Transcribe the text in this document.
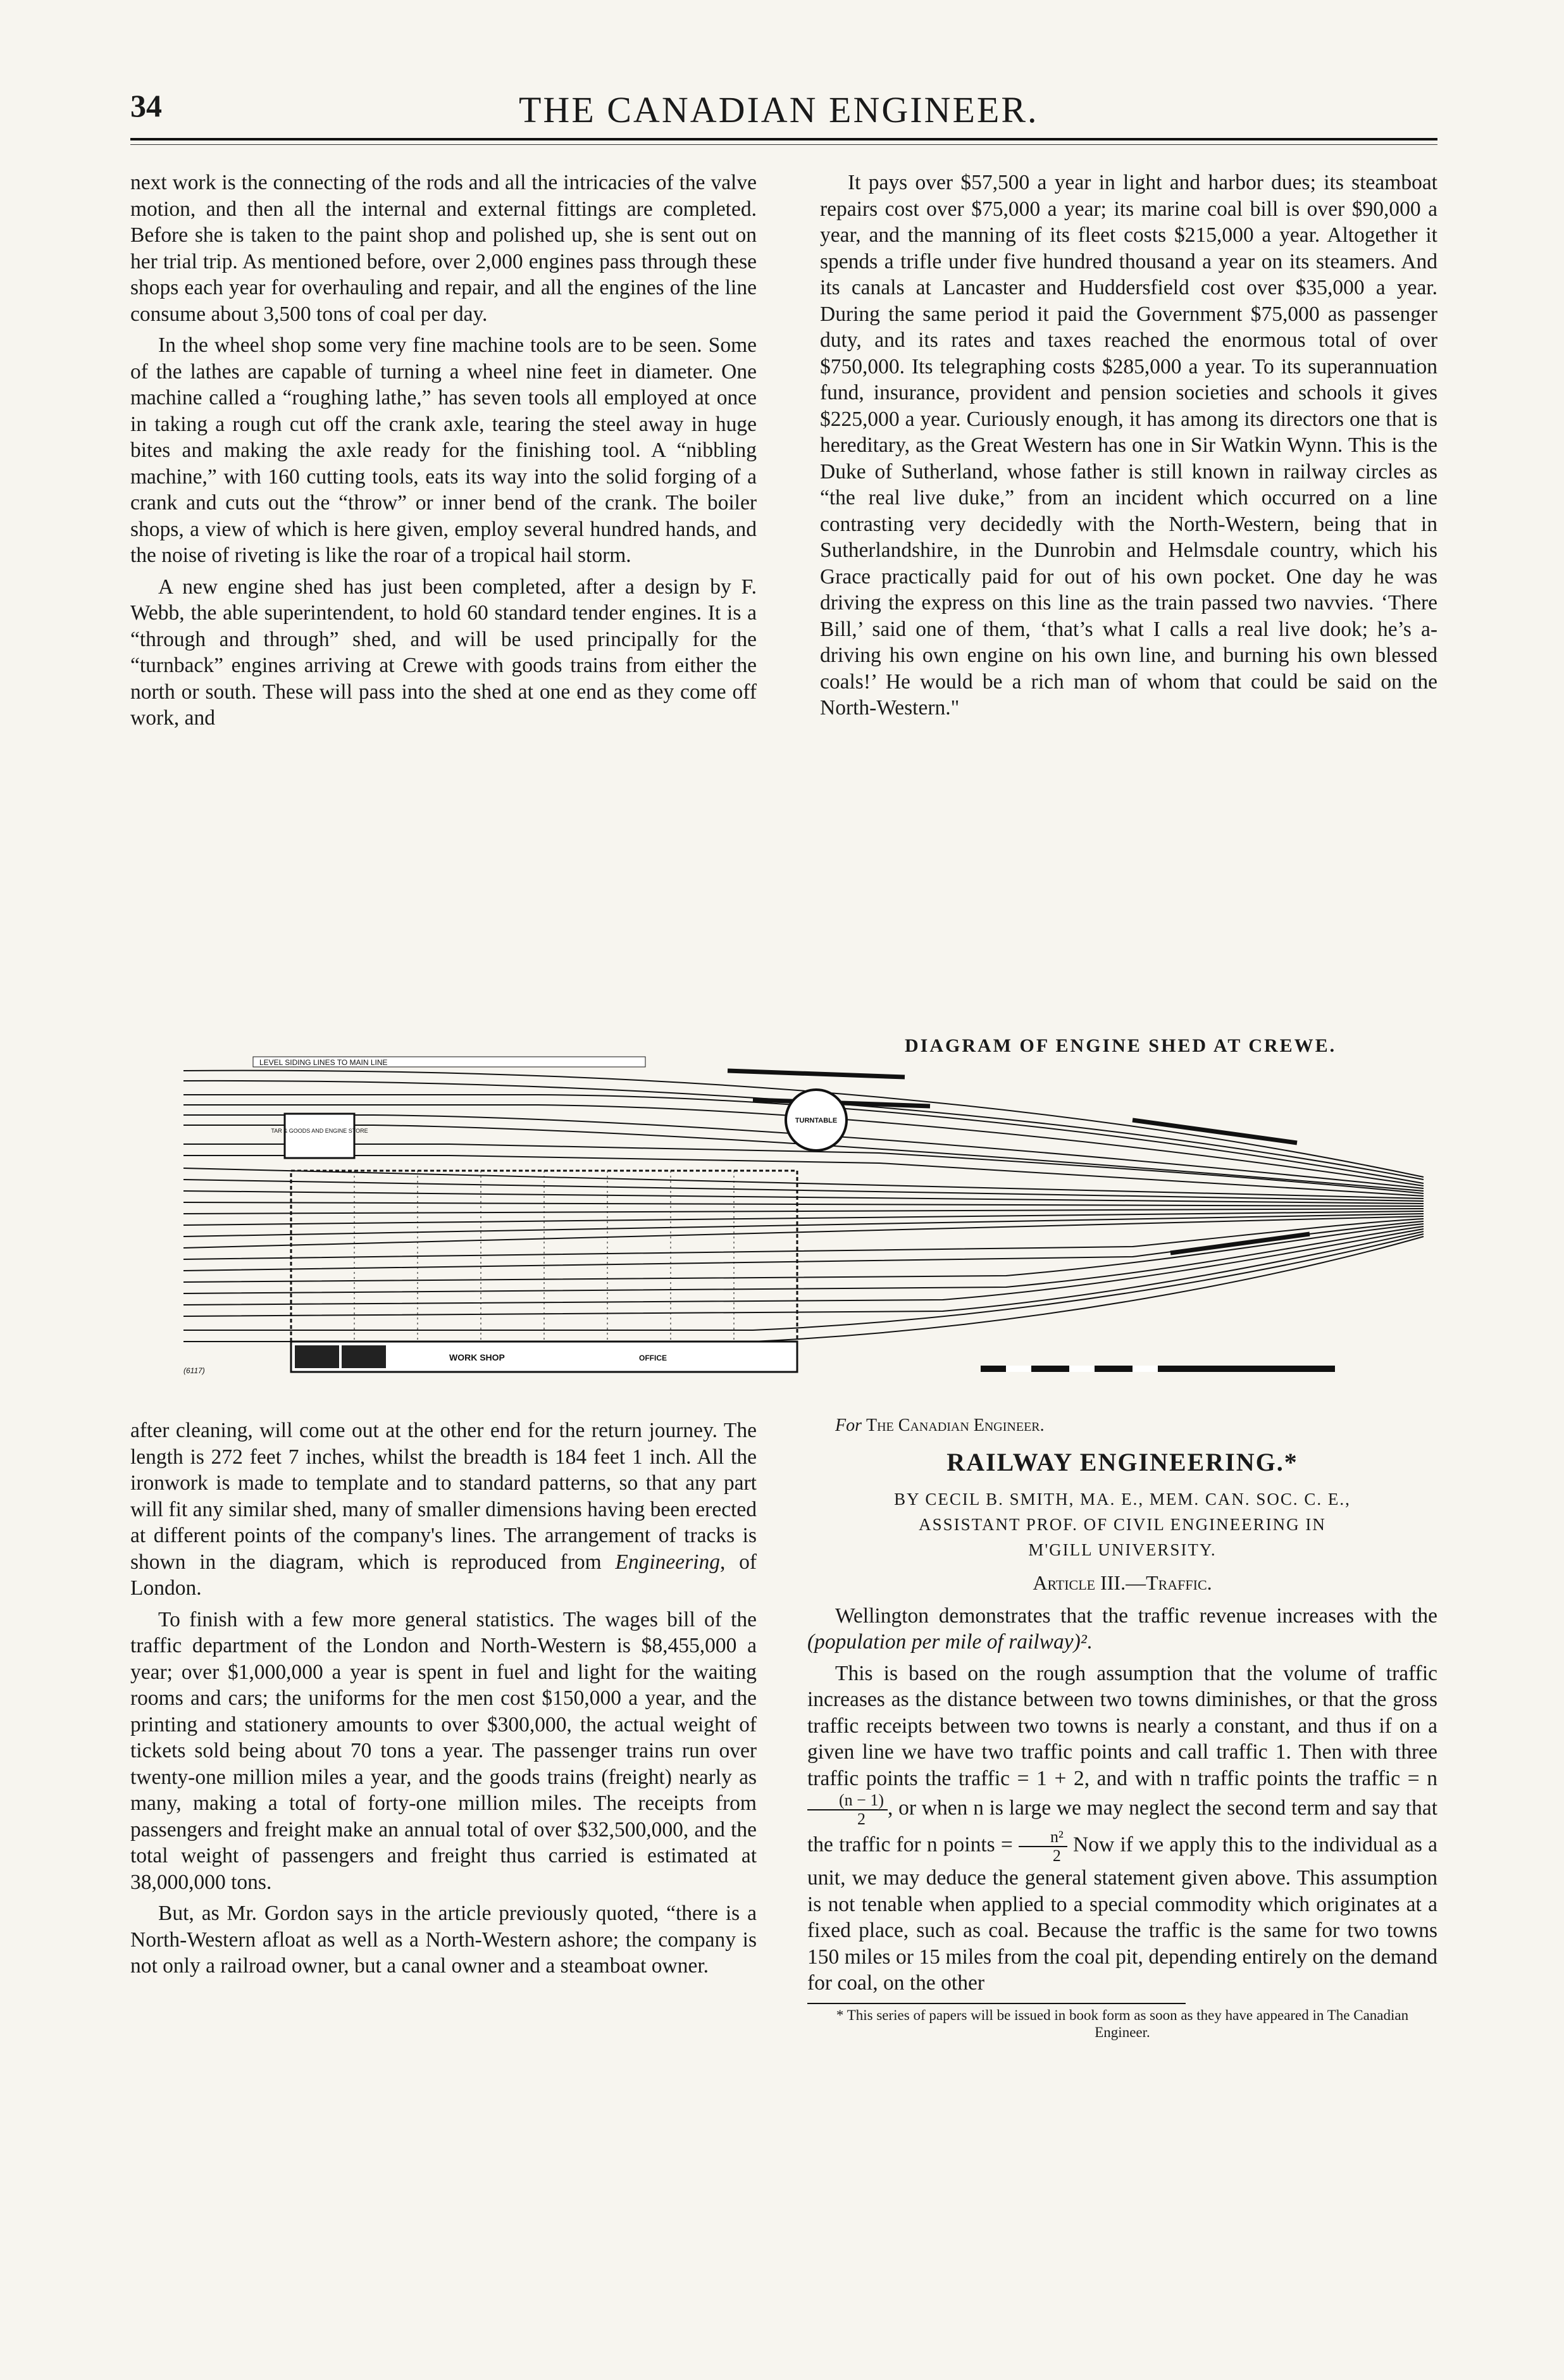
34	THE CANADIAN ENGINEER.

next work is the connecting of the rods and all the intricacies of the valve motion, and then all the internal and external fittings are completed. Before she is taken to the paint shop and polished up, she is sent out on her trial trip. As mentioned before, over 2,000 engines pass through these shops each year for overhauling and repair, and all the engines of the line consume about 3,500 tons of coal per day.

In the wheel shop some very fine machine tools are to be seen. Some of the lathes are capable of turning a wheel nine feet in diameter. One machine called a “roughing lathe,” has seven tools all employed at once in taking a rough cut off the crank axle, tearing the steel away in huge bites and making the axle ready for the finishing tool. A “nibbling machine,” with 160 cutting tools, eats its way into the solid forging of a crank and cuts out the “throw” or inner bend of the crank. The boiler shops, a view of which is here given, employ several hundred hands, and the noise of riveting is like the roar of a tropical hail storm.

A new engine shed has just been completed, after a design by F. Webb, the able superintendent, to hold 60 standard tender engines. It is a “through and through” shed, and will be used principally for the “turnback” engines arriving at Crewe with goods trains from either the north or south. These will pass into the shed at one end as they come off work, and

It pays over $57,500 a year in light and harbor dues; its steamboat repairs cost over $75,000 a year; its marine coal bill is over $90,000 a year, and the manning of its fleet costs $215,000 a year. Altogether it spends a trifle under five hundred thousand a year on its steamers. And its canals at Lancaster and Huddersfield cost over $35,000 a year. During the same period it paid the Government $75,000 as passenger duty, and its rates and taxes reached the enormous total of over $750,000. Its telegraphing costs $285,000 a year. To its superannuation fund, insurance, provident and pension societies and schools it gives $225,000 a year. Curiously enough, it has among its directors one that is hereditary, as the Great Western has one in Sir Watkin Wynn. This is the Duke of Sutherland, whose father is still known in railway circles as “the real live duke,” from an incident which occurred on a line contrasting very decidedly with the North-Western, being that in Sutherlandshire, in the Dunrobin and Helmsdale country, which his Grace practically paid for out of his own pocket. One day he was driving the express on this line as the train passed two navvies. ‘There Bill,’ said one of them, ‘that’s what I calls a real live dook; he’s a-driving his own engine on his own line, and burning his own blessed coals!’ He would be a rich man of whom that could be said on the North-Western."

DIAGRAM OF ENGINE SHED AT CREWE.
LEVEL SIDING LINES TO MAIN LINE
TURNTABLE
TAR & GOODS AND ENGINE STORE
WORK SHOP	OFFICE
(6117)

after cleaning, will come out at the other end for the return journey. The length is 272 feet 7 inches, whilst the breadth is 184 feet 1 inch. All the ironwork is made to template and to standard patterns, so that any part will fit any similar shed, many of smaller dimensions having been erected at different points of the company's lines. The arrangement of tracks is shown in the diagram, which is reproduced from Engineering, of London.

To finish with a few more general statistics. The wages bill of the traffic department of the London and North-Western is $8,455,000 a year; over $1,000,000 a year is spent in fuel and light for the waiting rooms and cars; the uniforms for the men cost $150,000 a year, and the printing and stationery amounts to over $300,000, the actual weight of tickets sold being about 70 tons a year. The passenger trains run over twenty-one million miles a year, and the goods trains (freight) nearly as many, making a total of forty-one million miles. The receipts from passengers and freight make an annual total of over $32,500,000, and the total weight of passengers and freight thus carried is estimated at 38,000,000 tons.

But, as Mr. Gordon says in the article previously quoted, “there is a North-Western afloat as well as a North-Western ashore; the company is not only a railroad owner, but a canal owner and a steamboat owner.

For The Canadian Engineer.

RAILWAY ENGINEERING.*
BY CECIL B. SMITH, MA. E., MEM. CAN. SOC. C. E.,
ASSISTANT PROF. OF CIVIL ENGINEERING IN
M'GILL UNIVERSITY.
Article III.—Traffic.

Wellington demonstrates that the traffic revenue increases with the (population per mile of railway)².

This is based on the rough assumption that the volume of traffic increases as the distance between two towns diminishes, or that the gross traffic receipts between two towns is nearly a constant, and thus if on a given line we have two traffic points and call traffic 1. Then with three traffic points the traffic = 1 + 2, and with n traffic points the traffic = n
$\frac{(n - 1)}{2}$ , or when n is large we may neglect the second term and say that the traffic for n points = $\frac{\text{n²}}{2}$ Now if we apply this to the individual as a unit, we may deduce the general statement given above. This assumption is not tenable when applied to a special commodity which originates at a fixed place, such as coal. Because the traffic is the same for two towns 150 miles or 15 miles from the coal pit, depending entirely on the demand for coal, on the other

* This series of papers will be issued in book form as soon as they have appeared in The Canadian Engineer.
